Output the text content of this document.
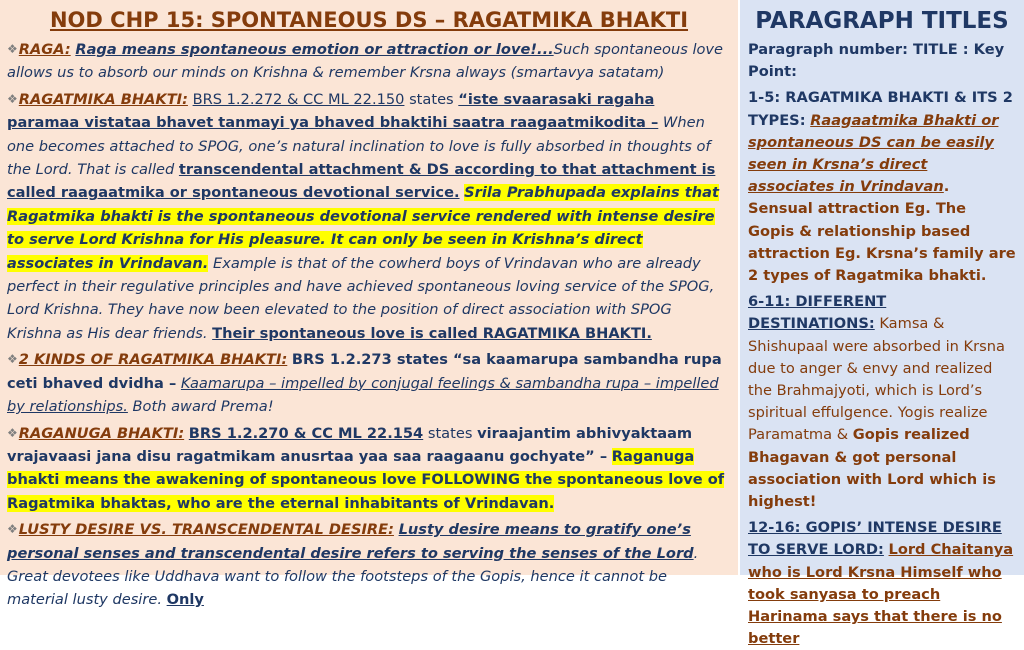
NOD CHP 15: SPONTANEOUS DS – RAGATMIKA BHAKTI

❖RAGA: Raga means spontaneous emotion or attraction or love!...Such spontaneous love allows us to absorb our minds on Krishna & remember Krsna always (smartavya satatam)

❖RAGATMIKA BHAKTI: BRS 1.2.272 & CC ML 22.150 states “iste svaarasaki ragaha paramaa vistataa bhavet tanmayi ya bhaved bhaktihi saatra raagaatmikodita – When one becomes attached to SPOG, one’s natural inclination to love is fully absorbed in thoughts of the Lord. That is called transcendental attachment & DS according to that attachment is called raagaatmika or spontaneous devotional service. Srila Prabhupada explains that Ragatmika bhakti is the spontaneous devotional service rendered with intense desire to serve Lord Krishna for His pleasure. It can only be seen in Krishna’s direct associates in Vrindavan. Example is that of the cowherd boys of Vrindavan who are already perfect in their regulative principles and have achieved spontaneous loving service of the SPOG, Lord Krishna. They have now been elevated to the position of direct association with SPOG Krishna as His dear friends. Their spontaneous love is called RAGATMIKA BHAKTI.

❖2 KINDS OF RAGATMIKA BHAKTI: BRS 1.2.273 states “sa kaamarupa sambandha rupa ceti bhaved dvidha – Kaamarupa – impelled by conjugal feelings & sambandha rupa – impelled by relationships. Both award Prema!

❖RAGANUGA BHAKTI: BRS 1.2.270 & CC ML 22.154 states viraajantim abhivyaktaam vrajavaasi jana disu ragatmikam anusrtaa yaa saa raagaanu gochyate” – Raganuga bhakti means the awakening of spontaneous love FOLLOWING the spontaneous love of Ragatmika bhaktas, who are the eternal inhabitants of Vrindavan.

❖LUSTY DESIRE VS. TRANSCENDENTAL DESIRE: Lusty desire means to gratify one’s personal senses and transcendental desire refers to serving the senses of the Lord. Great devotees like Uddhava want to follow the footsteps of the Gopis, hence it cannot be material lusty desire. Only

PARAGRAPH TITLES

Paragraph number: TITLE : Key Point:

1-5: RAGATMIKA BHAKTI & ITS 2 TYPES: Raagaatmika Bhakti or spontaneous DS can be easily seen in Krsna’s direct associates in Vrindavan. Sensual attraction Eg. The Gopis & relationship based attraction Eg. Krsna’s family are 2 types of Ragatmika bhakti.

6-11: DIFFERENT DESTINATIONS: Kamsa & Shishupaal were absorbed in Krsna due to anger & envy and realized the Brahmajyoti, which is Lord’s spiritual effulgence. Yogis realize Paramatma & Gopis realized Bhagavan & got personal association with Lord which is highest!

12-16: GOPIS’ INTENSE DESIRE TO SERVE LORD: Lord Chaitanya who is Lord Krsna Himself who took sanyasa to preach Harinama says that there is no better
